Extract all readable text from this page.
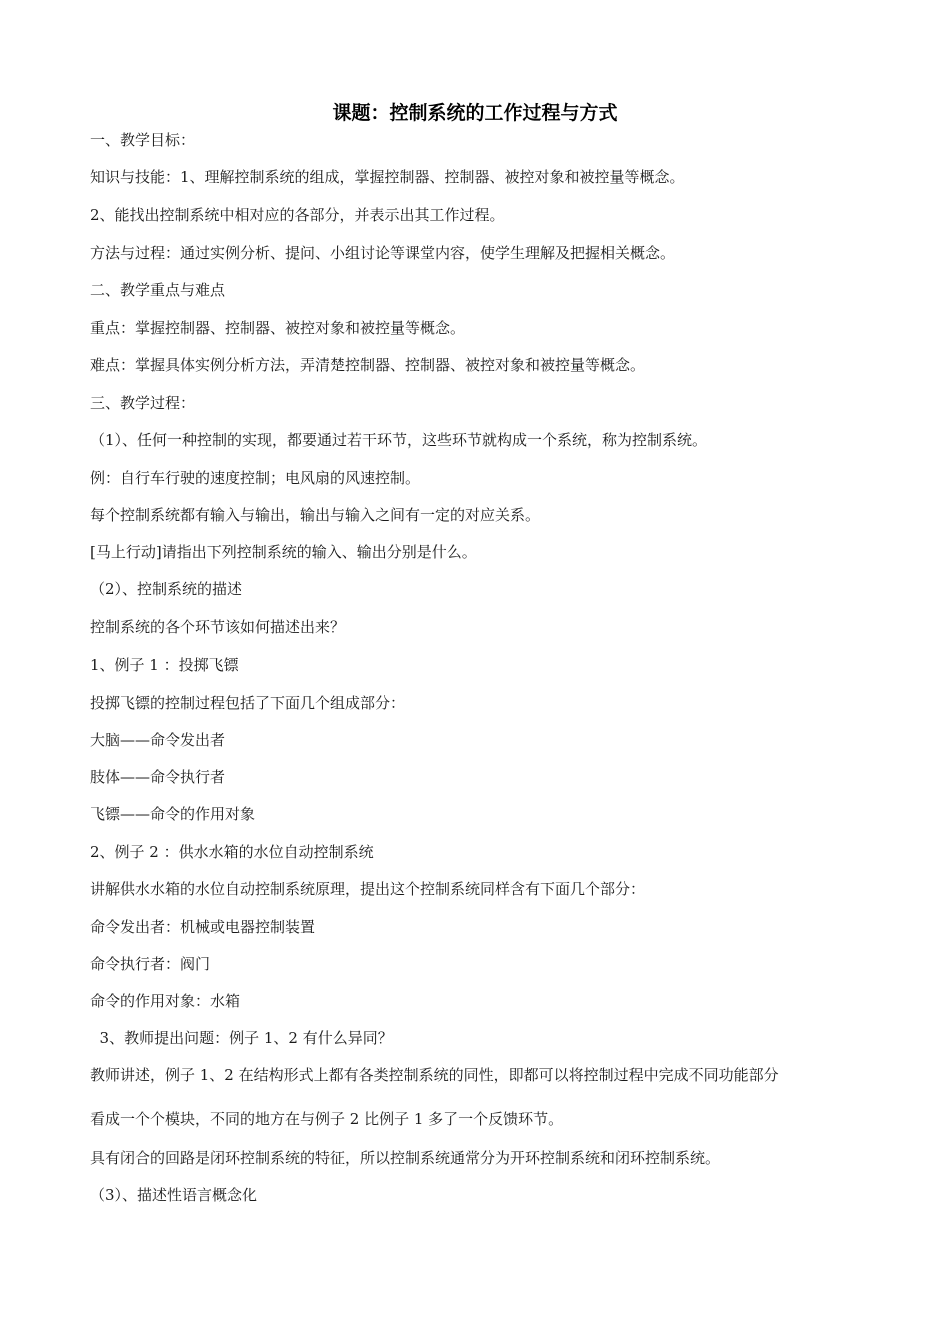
课题：控制系统的工作过程与方式
一、教学目标：
知识与技能：1、理解控制系统的组成，掌握控制器、控制器、被控对象和被控量等概念。
2、能找出控制系统中相对应的各部分，并表示出其工作过程。
方法与过程：通过实例分析、提问、小组讨论等课堂内容，使学生理解及把握相关概念。
二、教学重点与难点
重点：掌握控制器、控制器、被控对象和被控量等概念。
难点：掌握具体实例分析方法，弄清楚控制器、控制器、被控对象和被控量等概念。
三、教学过程：
（1）、任何一种控制的实现，都要通过若干环节，这些环节就构成一个系统，称为控制系统。
例：自行车行驶的速度控制；电风扇的风速控制。
每个控制系统都有输入与输出，输出与输入之间有一定的对应关系。
[马上行动]请指出下列控制系统的输入、输出分别是什么。
（2）、控制系统的描述
控制系统的各个环节该如何描述出来？
1、例子 1 ：投掷飞镖
投掷飞镖的控制过程包括了下面几个组成部分：
大脑——命令发出者
肢体——命令执行者
飞镖——命令的作用对象
2、例子 2 ：供水水箱的水位自动控制系统
讲解供水水箱的水位自动控制系统原理，提出这个控制系统同样含有下面几个部分：
命令发出者：机械或电器控制装置
命令执行者：阀门
命令的作用对象：水箱
3、教师提出问题：例子 1、2 有什么异同？
教师讲述，例子 1、2 在结构形式上都有各类控制系统的同性，即都可以将控制过程中完成不同功能部分
看成一个个模块，不同的地方在与例子 2 比例子 1 多了一个反馈环节。
具有闭合的回路是闭环控制系统的特征，所以控制系统通常分为开环控制系统和闭环控制系统。
（3）、描述性语言概念化
